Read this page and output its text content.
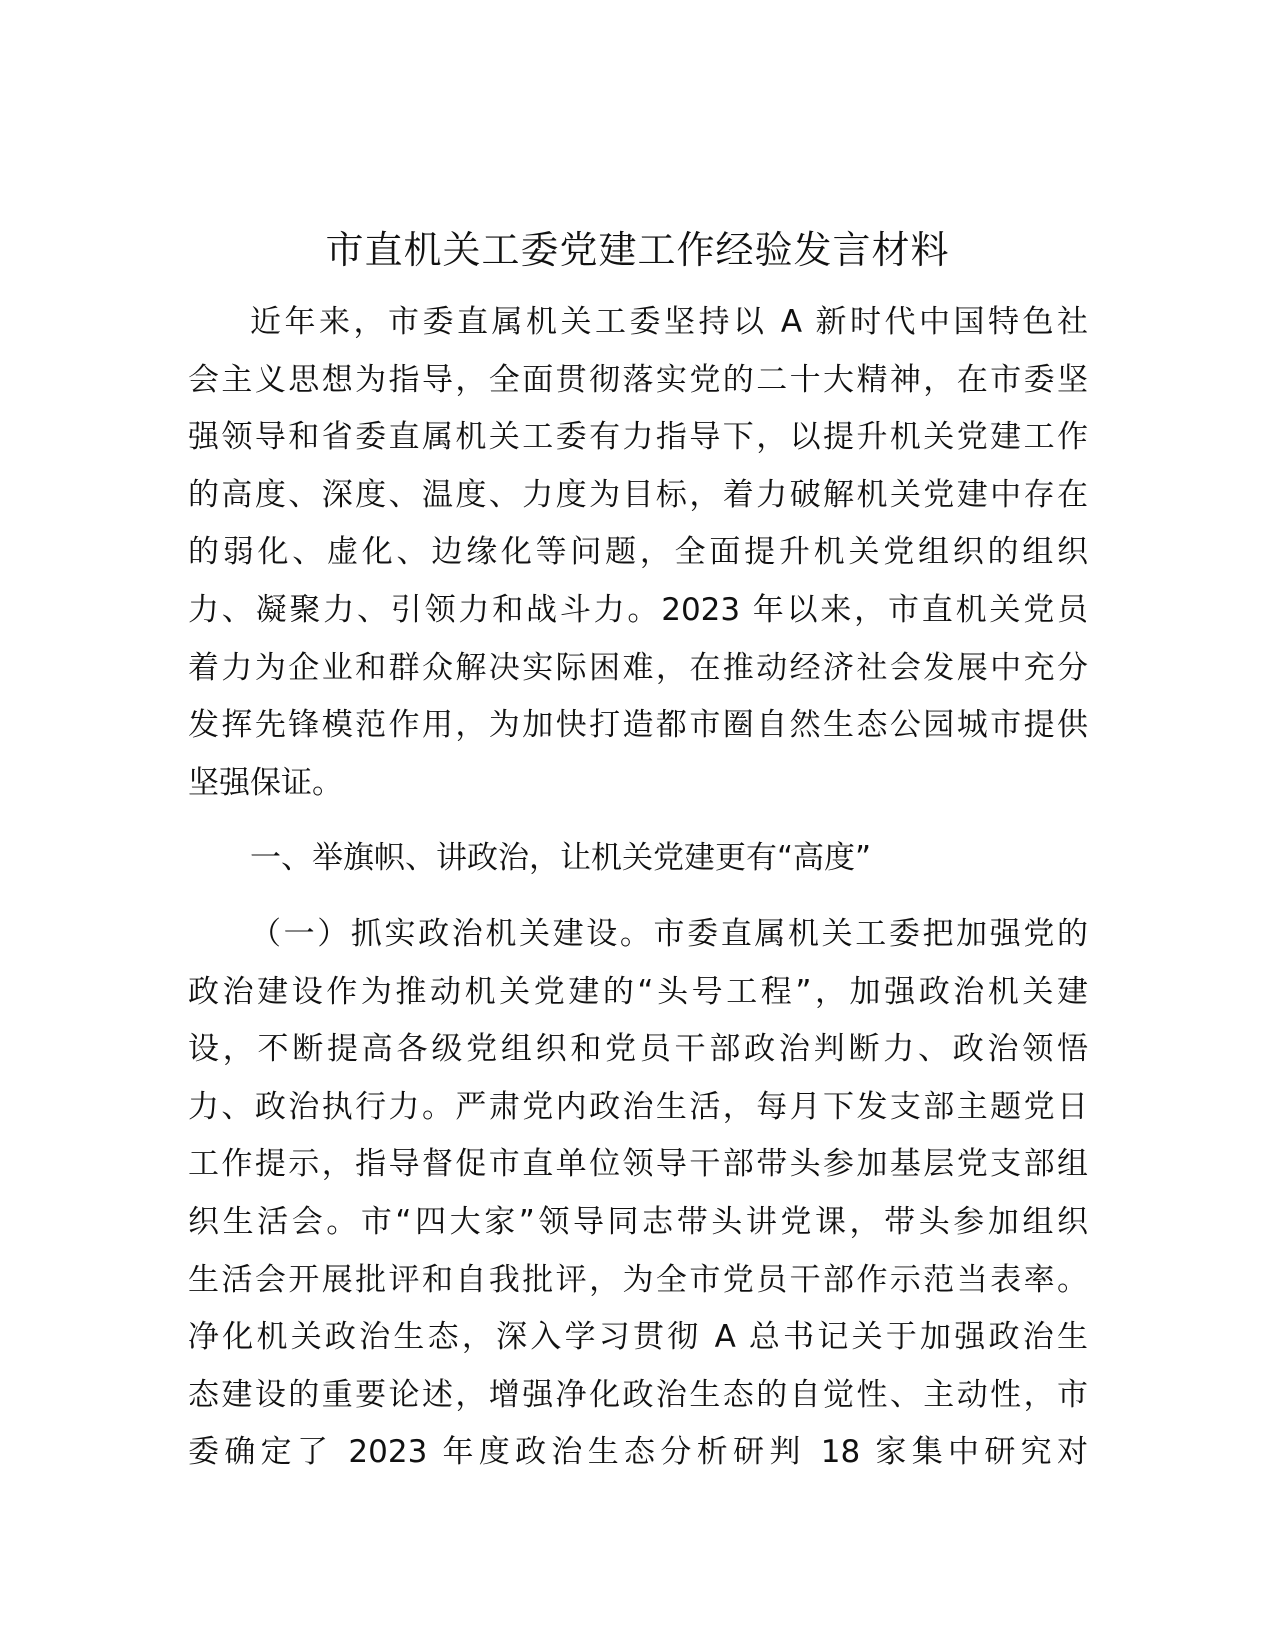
市直机关工委党建工作经验发言材料
近年来，市委直属机关工委坚持以 A 新时代中国特色社
会主义思想为指导，全面贯彻落实党的二十大精神，在市委坚
强领导和省委直属机关工委有力指导下，以提升机关党建工作
的高度、深度、温度、力度为目标，着力破解机关党建中存在
的弱化、虚化、边缘化等问题，全面提升机关党组织的组织
力、凝聚力、引领力和战斗力。2023 年以来，市直机关党员
着力为企业和群众解决实际困难，在推动经济社会发展中充分
发挥先锋模范作用，为加快打造都市圈自然生态公园城市提供
坚强保证。
一、举旗帜、讲政治，让机关党建更有“高度”
（一）抓实政治机关建设。市委直属机关工委把加强党的
政治建设作为推动机关党建的“头号工程”，加强政治机关建
设，不断提高各级党组织和党员干部政治判断力、政治领悟
力、政治执行力。严肃党内政治生活，每月下发支部主题党日
工作提示，指导督促市直单位领导干部带头参加基层党支部组
织生活会。市“四大家”领导同志带头讲党课，带头参加组织
生活会开展批评和自我批评，为全市党员干部作示范当表率。
净化机关政治生态，深入学习贯彻 A 总书记关于加强政治生
态建设的重要论述，增强净化政治生态的自觉性、主动性，市
委确定了 2023 年度政治生态分析研判 18 家集中研究对
